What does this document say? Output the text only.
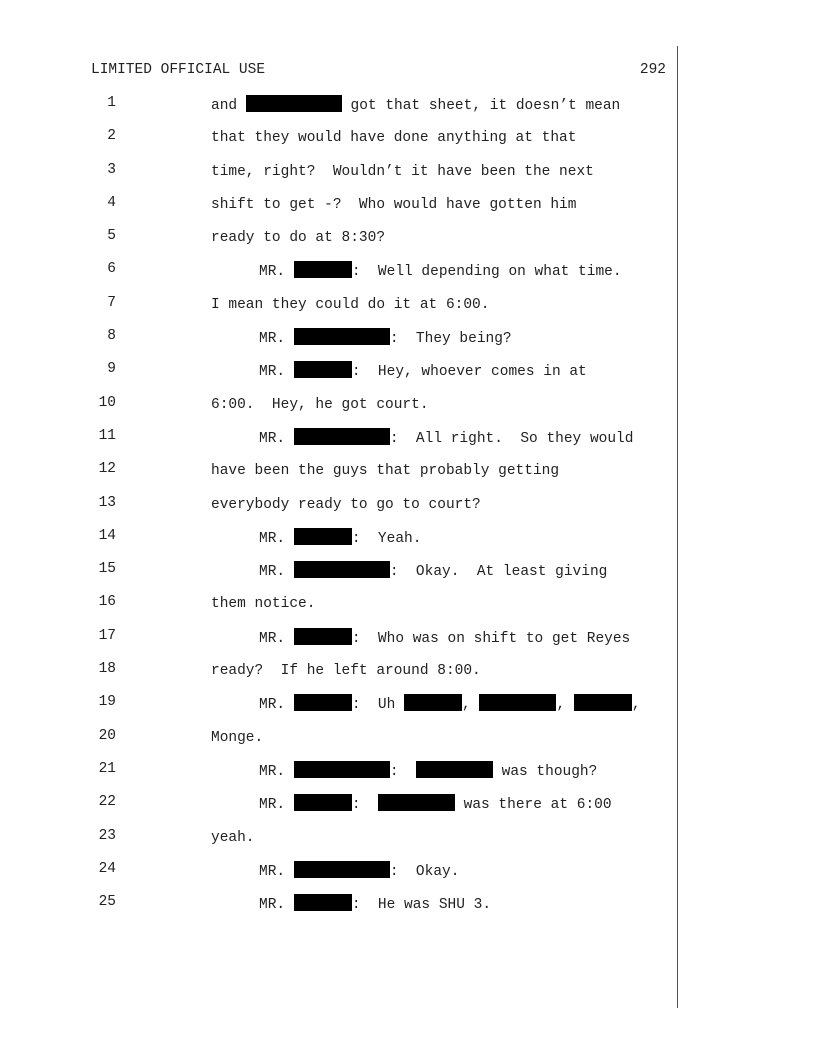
LIMITED OFFICIAL USE	292
1	and	got that sheet, it doesn’t mean
2	that they would have done anything at that
3	time, right?  Wouldn’t it have been the next
4	shift to get -?  Who would have gotten him
5	ready to do at 8:30?
6	MR.	:  Well depending on what time.
7	I mean they could do it at 6:00.
8	MR.	:  They being?
9	MR.	:  Hey, whoever comes in at
10	6:00.  Hey, he got court.
11	MR.	:  All right.  So they would
12	have been the guys that probably getting
13	everybody ready to go to court?
14	MR.	:  Yeah.
15	MR.	:  Okay.  At least giving
16	them notice.
17	MR.	:  Who was on shift to get Reyes
18	ready?  If he left around 8:00.
19	MR.	:  Uh	,	,	,
20	Monge.
21	MR.	:	was though?
22	MR.	:	was there at 6:00
23	yeah.
24	MR.	:  Okay.
25	MR.	:  He was SHU 3.
